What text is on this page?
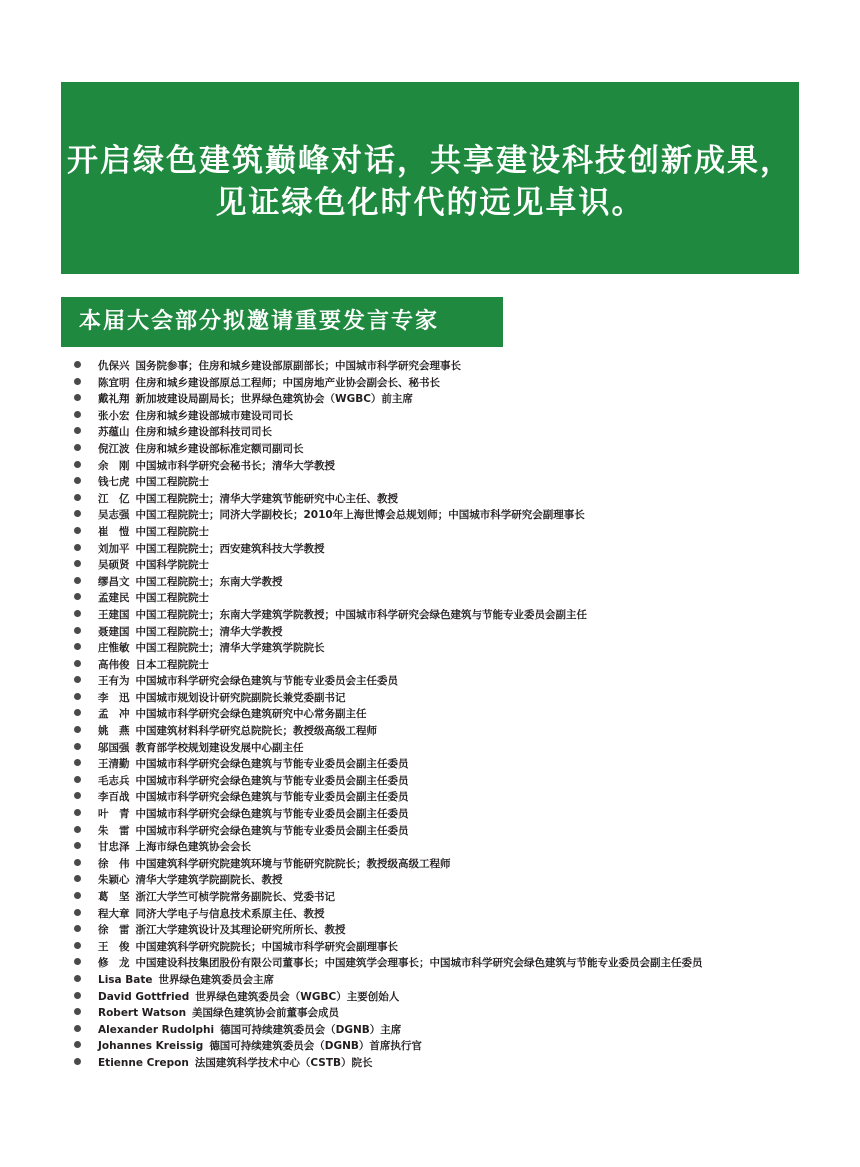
开启绿色建筑巅峰对话，共享建设科技创新成果，
见证绿色化时代的远见卓识。
本届大会部分拟邀请重要发言专家
仇保兴 国务院参事；住房和城乡建设部原副部长；中国城市科学研究会理事长
陈宜明 住房和城乡建设部原总工程师；中国房地产业协会副会长、秘书长
戴礼翔 新加坡建设局副局长；世界绿色建筑协会（WGBC）前主席
张小宏 住房和城乡建设部城市建设司司长
苏蕴山 住房和城乡建设部科技司司长
倪江波 住房和城乡建设部标准定额司副司长
余　刚 中国城市科学研究会秘书长；清华大学教授
钱七虎 中国工程院院士
江　亿 中国工程院院士；清华大学建筑节能研究中心主任、教授
吴志强 中国工程院院士；同济大学副校长；2010年上海世博会总规划师；中国城市科学研究会副理事长
崔　愷 中国工程院院士
刘加平 中国工程院院士；西安建筑科技大学教授
吴硕贤 中国科学院院士
缪昌文 中国工程院院士；东南大学教授
孟建民 中国工程院院士
王建国 中国工程院院士；东南大学建筑学院教授；中国城市科学研究会绿色建筑与节能专业委员会副主任
聂建国 中国工程院院士；清华大学教授
庄惟敏 中国工程院院士；清华大学建筑学院院长
高伟俊 日本工程院院士
王有为 中国城市科学研究会绿色建筑与节能专业委员会主任委员
李　迅 中国城市规划设计研究院副院长兼党委副书记
孟　冲 中国城市科学研究会绿色建筑研究中心常务副主任
姚　燕 中国建筑材料科学研究总院院长；教授级高级工程师
邬国强 教育部学校规划建设发展中心副主任
王清勤 中国城市科学研究会绿色建筑与节能专业委员会副主任委员
毛志兵 中国城市科学研究会绿色建筑与节能专业委员会副主任委员
李百战 中国城市科学研究会绿色建筑与节能专业委员会副主任委员
叶　青 中国城市科学研究会绿色建筑与节能专业委员会副主任委员
朱　雷 中国城市科学研究会绿色建筑与节能专业委员会副主任委员
甘忠泽 上海市绿色建筑协会会长
徐　伟 中国建筑科学研究院建筑环境与节能研究院院长；教授级高级工程师
朱颖心 清华大学建筑学院副院长、教授
葛　坚 浙江大学竺可桢学院常务副院长、党委书记
程大章 同济大学电子与信息技术系原主任、教授
徐　雷 浙江大学建筑设计及其理论研究所所长、教授
王　俊 中国建筑科学研究院院长；中国城市科学研究会副理事长
修　龙 中国建设科技集团股份有限公司董事长；中国建筑学会理事长；中国城市科学研究会绿色建筑与节能专业委员会副主任委员
Lisa Bate 世界绿色建筑委员会主席
David Gottfried 世界绿色建筑委员会（WGBC）主要创始人
Robert Watson 美国绿色建筑协会前董事会成员
Alexander Rudolphi 德国可持续建筑委员会（DGNB）主席
Johannes Kreissig 德国可持续建筑委员会（DGNB）首席执行官
Etienne Crepon 法国建筑科学技术中心（CSTB）院长
